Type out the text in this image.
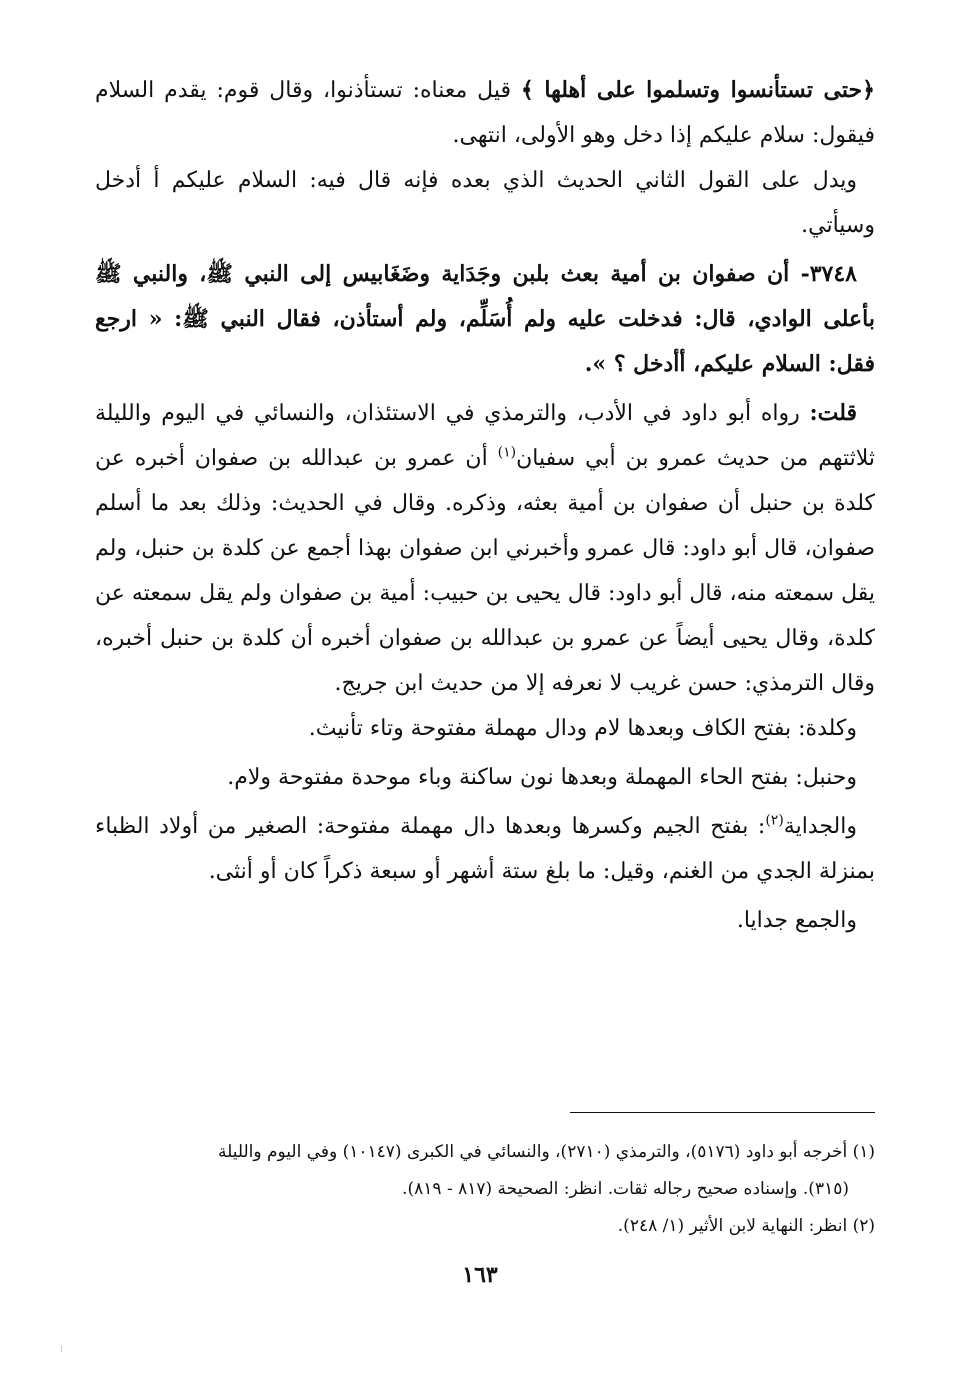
﴿حتى تستأنسوا وتسلموا على أهلها ﴾ قيل معناه: تستأذنوا، وقال قوم: يقدم السلام فيقول: سلام عليكم إذا دخل وهو الأولى، انتهى.

ويدل على القول الثاني الحديث الذي بعده فإنه قال فيه: السلام عليكم أ أدخل وسيأتي.

٣٧٤٨- أن صفوان بن أمية بعث بلبن وجَدَاية وضَغَابيس إلى النبي ﷺ، والنبي ﷺ بأعلى الوادي، قال: فدخلت عليه ولم أُسَلِّم، ولم أستأذن، فقال النبي ﷺ: « ارجع فقل: السلام عليكم، أأدخل ؟ ».

قلت: رواه أبو داود في الأدب، والترمذي في الاستئذان، والنسائي في اليوم والليلة ثلاثتهم من حديث عمرو بن أبي سفيان$^{(١)}$ أن عمرو بن عبدالله بن صفوان أخبره عن كلدة بن حنبل أن صفوان بن أمية بعثه، وذكره. وقال في الحديث: وذلك بعد ما أسلم صفوان، قال أبو داود: قال عمرو وأخبرني ابن صفوان بهذا أجمع عن كلدة بن حنبل، ولم يقل سمعته منه، قال أبو داود: قال يحيى بن حبيب: أمية بن صفوان ولم يقل سمعته عن كلدة، وقال يحيى أيضاً عن عمرو بن عبدالله بن صفوان أخبره أن كلدة بن حنبل أخبره، وقال الترمذي: حسن غريب لا نعرفه إلا من حديث ابن جريج.

وكلدة: بفتح الكاف وبعدها لام ودال مهملة مفتوحة وتاء تأنيث.

وحنبل: بفتح الحاء المهملة وبعدها نون ساكنة وباء موحدة مفتوحة ولام.

والجداية$^{(٢)}$: بفتح الجيم وكسرها وبعدها دال مهملة مفتوحة: الصغير من أولاد الظباء بمنزلة الجدي من الغنم، وقيل: ما بلغ ستة أشهر أو سبعة ذكراً كان أو أنثى.

والجمع جدايا.

(١) أخرجه أبو داود (٥١٧٦)، والترمذي (٢٧١٠)، والنسائي في الكبرى (١٠١٤٧) وفي اليوم والليلة

(٣١٥). وإسناده صحيح رجاله ثقات. انظر: الصحيحة (٨١٧ - ٨١٩).

(٢) انظر: النهاية لابن الأثير (١/ ٢٤٨).

١٦٣
⁝
